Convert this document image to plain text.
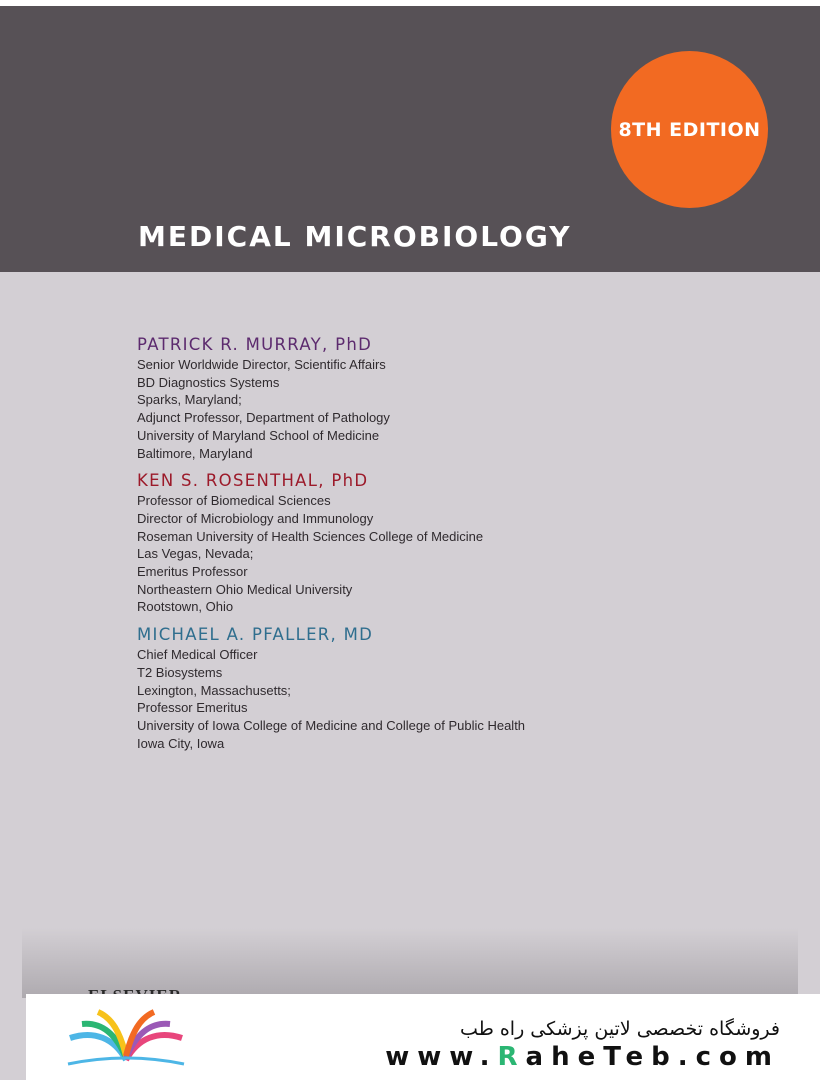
8TH EDITION
MEDICAL MICROBIOLOGY
PATRICK R. MURRAY, PhD
Senior Worldwide Director, Scientific Affairs
BD Diagnostics Systems
Sparks, Maryland;
Adjunct Professor, Department of Pathology
University of Maryland School of Medicine
Baltimore, Maryland
KEN S. ROSENTHAL, PhD
Professor of Biomedical Sciences
Director of Microbiology and Immunology
Roseman University of Health Sciences College of Medicine
Las Vegas, Nevada;
Emeritus Professor
Northeastern Ohio Medical University
Rootstown, Ohio
MICHAEL A. PFALLER, MD
Chief Medical Officer
T2 Biosystems
Lexington, Massachusetts;
Professor Emeritus
University of Iowa College of Medicine and College of Public Health
Iowa City, Iowa
فروشگاه تخصصی لاتین پزشکی راه طب
www.RaheTeb.com
